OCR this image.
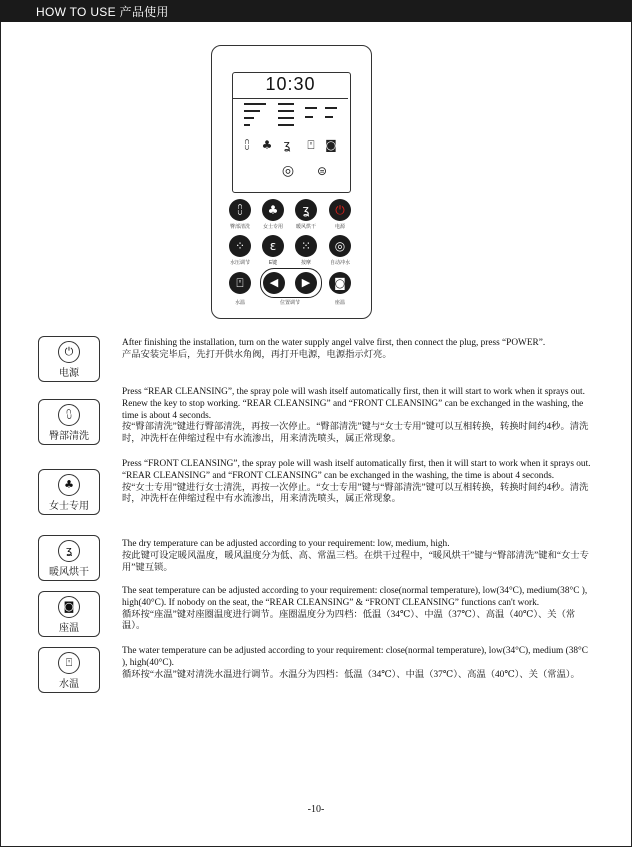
HOW TO USE 产品使用
10:30
⩇ ♣ ʓ ⍞ ◙
◎ ⊜
⩇	♣	ʓ	⏻
臀部清洗	女士专用	暖风烘干	电源
⁘	ε	⁙	◎
水压调节	E键	按摩	自动冲水
⍞	◀	▶	◙
水温	位置调节	座温
⏻
电源

After finishing the installation, turn on the water supply angel valve first, then connect the plug, press “POWER”.

产品安装完毕后，先打开供水角阀，再打开电源，电源指示灯亮。

⩇
臀部清洗

Press “REAR CLEANSING”, the spray pole will wash itself automatically first, then it will start to work when it sprays out. Renew the key to stop working. “REAR CLEANSING” and “FRONT CLEANSING” can be exchanged in the washing, the time is about 4 seconds.

按“臀部清洗”键进行臀部清洗，再按一次停止。“臀部清洗”键与“女士专用”键可以互相转换，转换时间约4秒。清洗时，冲洗杆在伸缩过程中有水流渗出，用来清洗喷头，属正常现象。

♣
女士专用

Press “FRONT CLEANSING”, the spray pole will wash itself automatically first, then it will start to work when it sprays out. “REAR CLEANSING” and “FRONT CLEANSING” can be exchanged in the washing, the time is about 4 seconds.

按“女士专用”键进行女士清洗，再按一次停止。“女士专用”键与“臀部清洗”键可以互相转换，转换时间约4秒。清洗时，冲洗杆在伸缩过程中有水流渗出，用来清洗喷头，属正常现象。

ʓ
暖风烘干

The dry temperature can be adjusted according to your requirement: low, medium, high.

按此键可设定暖风温度，暖风温度分为低、高、常温三档。在烘干过程中，“暖风烘干”键与“臀部清洗”键和“女士专用”键互锁。

◙
座温

The seat temperature can be adjusted according to your requirement: close(normal temperature), low(34°C), medium(38°C ), high(40°C). If nobody on the seat, the “REAR CLEANSING” & “FRONT CLEANSING” functions can't work.

循环按“座温”键对座圈温度进行调节。座圈温度分为四档：低温（34℃）、中温（37℃）、高温（40℃）、关（常温）。

⍞
水温

The water temperature can be adjusted according to your requirement: close(normal temperature), low(34°C), medium (38°C ), high(40°C).

循环按“水温”键对清洗水温进行调节。水温分为四档：低温（34℃）、中温（37℃）、高温（40℃）、关（常温）。

-10-
